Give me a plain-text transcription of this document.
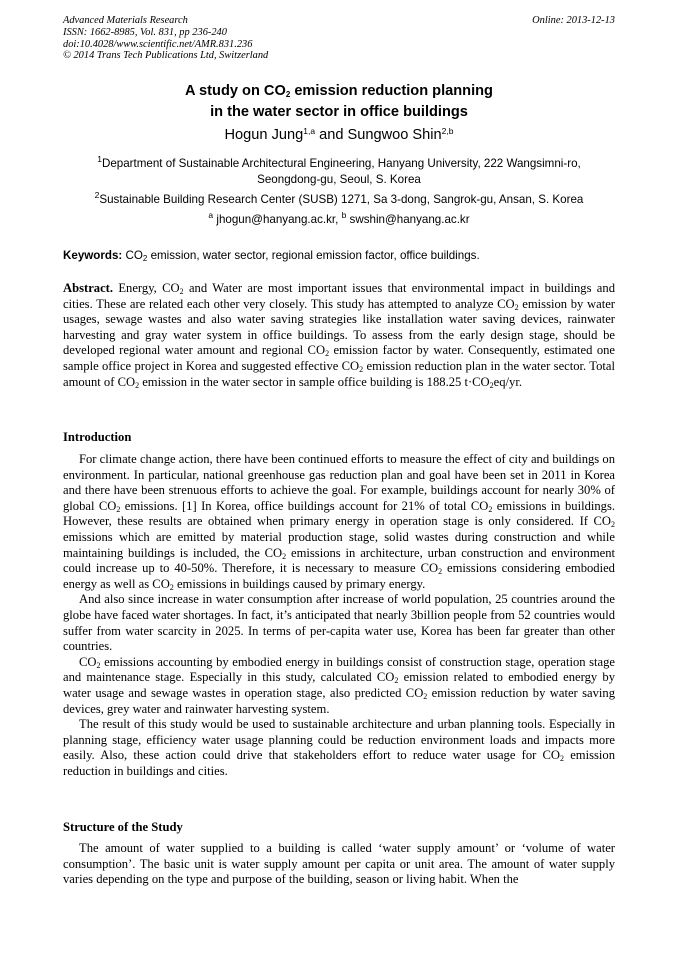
Advanced Materials Research
ISSN: 1662-8985, Vol. 831, pp 236-240
doi:10.4028/www.scientific.net/AMR.831.236
© 2014 Trans Tech Publications Ltd, Switzerland
Online: 2013-12-13
A study on $CO_2$ emission reduction planning
in the water sector in office buildings
Hogun Jung$^{1,a}$ and Sungwoo Shin$^{2,b}$
$^1$Department of Sustainable Architectural Engineering, Hanyang University, 222 Wangsimni-ro,
Seongdong-gu, Seoul, S. Korea
$^2$Sustainable Building Research Center (SUSB) 1271, Sa 3-dong, Sangrok-gu, Ansan, S. Korea
$^a$ jhogun@hanyang.ac.kr, $^b$ swshin@hanyang.ac.kr
Keywords: $CO_2$ emission, water sector, regional emission factor, office buildings.

Abstract. Energy, $CO_2$ and Water are most important issues that environmental impact in buildings and cities. These are related each other very closely. This study has attempted to analyze $CO_2$ emission by water usages, sewage wastes and also water saving strategies like installation water saving devices, rainwater harvesting and gray water system in office buildings. To assess from the early design stage, should be developed regional water amount and regional $CO_2$ emission factor by water. Consequently, estimated one sample office project in Korea and suggested effective $CO_2$ emission reduction plan in the water sector. Total amount of $CO_2$ emission in the water sector in sample office building is 188.25 $t\cdot CO_2eq/yr$.

Introduction

For climate change action, there have been continued efforts to measure the effect of city and buildings on environment. In particular, national greenhouse gas reduction plan and goal have been set in 2011 in Korea and there have been strenuous efforts to achieve the goal. For example, buildings account for nearly 30% of global $CO_2$ emissions. [1] In Korea, office buildings account for 21% of total $CO_2$ emissions in buildings. However, these results are obtained when primary energy in operation stage is only considered. If $CO_2$ emissions which are emitted by material production stage, solid wastes during construction and while maintaining buildings is included, the $CO_2$ emissions in architecture, urban construction and environment could increase up to 40-50%. Therefore, it is necessary to measure $CO_2$ emissions considering embodied energy as well as $CO_2$ emissions in buildings caused by primary energy.

And also since increase in water consumption after increase of world population, 25 countries around the globe have faced water shortages. In fact, it’s anticipated that nearly 3billion people from 52 countries would suffer from water scarcity in 2025. In terms of per-capita water use, Korea has been far greater than other countries.

$CO_2$ emissions accounting by embodied energy in buildings consist of construction stage, operation stage and maintenance stage. Especially in this study, calculated $CO_2$ emission related to embodied energy by water usage and sewage wastes in operation stage, also predicted $CO_2$ emission reduction by water saving devices, grey water and rainwater harvesting system.

The result of this study would be used to sustainable architecture and urban planning tools. Especially in planning stage, efficiency water usage planning could be reduction environment loads and impacts more easily. Also, these action could drive that stakeholders effort to reduce water usage for $CO_2$ emission reduction in buildings and cities.

Structure of the Study

The amount of water supplied to a building is called ‘water supply amount’ or ‘volume of water consumption’. The basic unit is water supply amount per capita or unit area. The amount of water supply varies depending on the type and purpose of the building, season or living habit. When the
